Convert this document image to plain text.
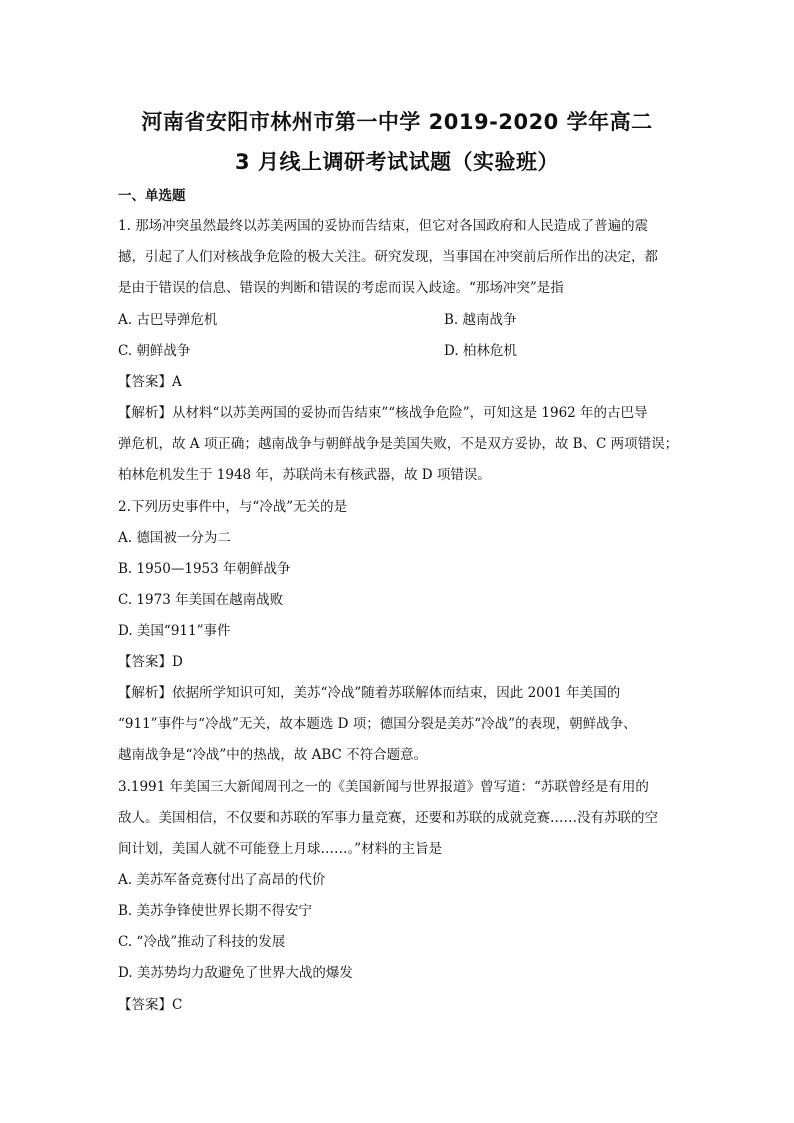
河南省安阳市林州市第一中学 2019-2020 学年高二
3 月线上调研考试试题（实验班）
一、单选题
1. 那场冲突虽然最终以苏美两国的妥协而告结束，但它对各国政府和人民造成了普遍的震
撼，引起了人们对核战争危险的极大关注。研究发现，当事国在冲突前后所作出的决定，都
是由于错误的信息、错误的判断和错误的考虑而误入歧途。“那场冲突”是指
A. 古巴导弹危机	B. 越南战争
C. 朝鲜战争	D. 柏林危机
【答案】A
【解析】从材料“以苏美两国的妥协而告结束”“核战争危险”，可知这是 1962 年的古巴导
弹危机，故 A 项正确；越南战争与朝鲜战争是美国失败，不是双方妥协，故 B、C 两项错误；
柏林危机发生于 1948 年，苏联尚未有核武器，故 D 项错误。
2.下列历史事件中，与“冷战”无关的是
A. 德国被一分为二
B. 1950—1953 年朝鲜战争
C. 1973 年美国在越南战败
D. 美国“911”事件
【答案】D
【解析】依据所学知识可知，美苏“冷战”随着苏联解体而结束，因此 2001 年美国的
“911”事件与“冷战”无关，故本题选 D 项；德国分裂是美苏“冷战”的表现，朝鲜战争、
越南战争是“冷战”中的热战，故 ABC 不符合题意。
3.1991 年美国三大新闻周刊之一的《美国新闻与世界报道》曾写道：“苏联曾经是有用的
敌人。美国相信，不仅要和苏联的军事力量竞赛，还要和苏联的成就竞赛……没有苏联的空
间计划，美国人就不可能登上月球……。”材料的主旨是
A. 美苏军备竞赛付出了高昂的代价
B. 美苏争锋使世界长期不得安宁
C. “冷战”推动了科技的发展
D. 美苏势均力敌避免了世界大战的爆发
【答案】C
